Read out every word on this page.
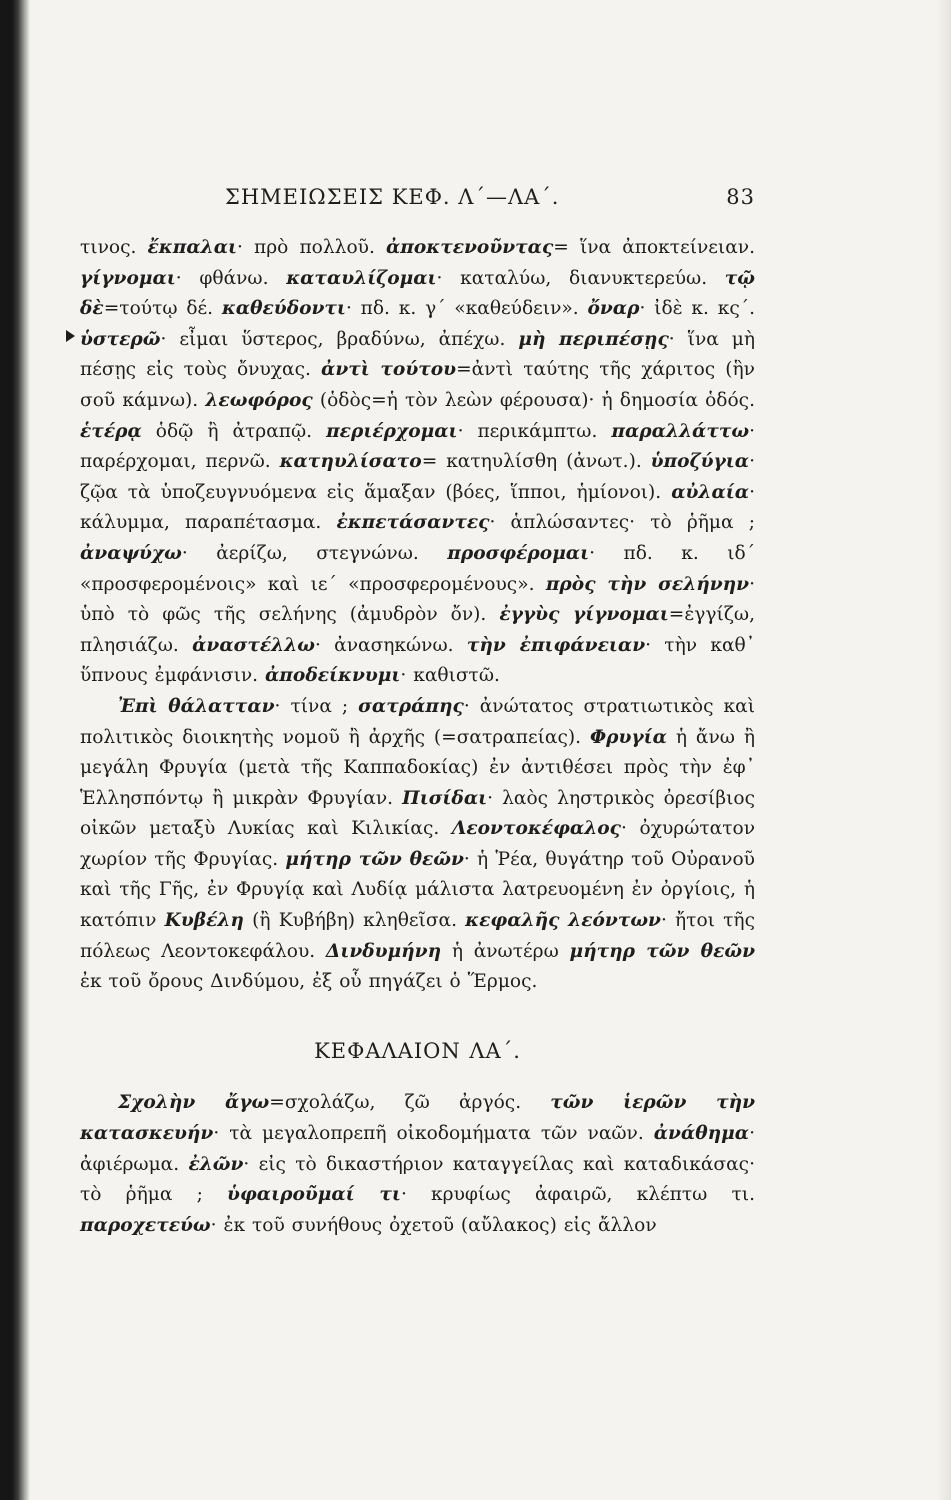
ΣΗΜΕΙΩΣΕΙΣ ΚΕΦ. Λ΄—ΛΑ΄.	83

τινος. ἔκπαλαι· πρὸ πολλοῦ. ἀποκτενοῦντας= ἵνα ἀποκτείνειαν. γίγνομαι· φθάνω. καταυλίζομαι· καταλύω, διανυκτερεύω. τῷ δὲ=τούτῳ δέ. καθεύδοντι· πδ. κ. γ΄ «καθεύδειν». ὄναρ· ἰδὲ κ. κς΄. ὑστερῶ· εἶμαι ὕστερος, βραδύνω, ἀπέχω. μὴ περιπέσῃς· ἵνα μὴ πέσῃς εἰς τοὺς ὄνυχας. ἀντὶ τούτου=ἀντὶ ταύτης τῆς χάριτος (ἣν σοῦ κάμνω). λεωφόρος (ὁδὸς=ἡ τὸν λεὼν φέρουσα)· ἡ δημοσία ὁδός. ἑτέρᾳ ὁδῷ ἢ ἀτραπῷ. περιέρχομαι· περικάμπτω. παραλλάττω· παρέρχομαι, περνῶ. κατηυλίσατο= κατηυλίσθη (ἀνωτ.). ὑποζύγια· ζῷα τὰ ὑποζευγνυόμενα εἰς ἅμαξαν (βόες, ἵπποι, ἡμίονοι). αὐλαία· κάλυμμα, παραπέτασμα. ἐκπετάσαντες· ἁπλώσαντες· τὸ ῥῆμα ; ἀναψύχω· ἀερίζω, στεγνώνω. προσφέρομαι· πδ. κ. ιδ΄ «προσφερομένοις» καὶ ιε΄ «προσφερομένους». πρὸς τὴν σελήνην· ὑπὸ τὸ φῶς τῆς σελήνης (ἀμυδρὸν ὄν). ἐγγὺς γίγνομαι=ἐγγίζω, πλησιάζω. ἀναστέλλω· ἀνασηκώνω. τὴν ἐπιφάνειαν· τὴν καθ᾽ ὕπνους ἐμφάνισιν. ἀποδείκνυμι· καθιστῶ.

Ἐπὶ θάλατταν· τίνα ; σατράπης· ἀνώτατος στρατιωτικὸς καὶ πολιτικὸς διοικητὴς νομοῦ ἢ ἀρχῆς (=σατραπείας). Φρυγία ἡ ἄνω ἢ μεγάλη Φρυγία (μετὰ τῆς Καππαδοκίας) ἐν ἀντιθέσει πρὸς τὴν ἐφ᾽ Ἑλλησπόντῳ ἢ μικρὰν Φρυγίαν. Πισίδαι· λαὸς ληστρικὸς ὀρεσίβιος οἰκῶν μεταξὺ Λυκίας καὶ Κιλικίας. Λεοντοκέφαλος· ὀχυρώτατον χωρίον τῆς Φρυγίας. μήτηρ τῶν θεῶν· ἡ Ῥέα, θυγάτηρ τοῦ Οὐρανοῦ καὶ τῆς Γῆς, ἐν Φρυγίᾳ καὶ Λυδίᾳ μάλιστα λατρευομένη ἐν ὀργίοις, ἡ κατόπιν Κυβέλη (ἢ Κυβήβη) κληθεῖσα. κεφαλῆς λεόντων· ἤτοι τῆς πόλεως Λεοντοκεφάλου. Δινδυμήνη ἡ ἀνωτέρω μήτηρ τῶν θεῶν ἐκ τοῦ ὄρους Δινδύμου, ἐξ οὗ πηγάζει ὁ Ἕρμος.

ΚΕΦΑΛΑΙΟΝ ΛΑ΄.

Σχολὴν ἄγω=σχολάζω, ζῶ ἀργός. τῶν ἱερῶν τὴν κατασκευήν· τὰ μεγαλοπρεπῆ οἰκοδομήματα τῶν ναῶν. ἀνάθημα· ἀφιέρωμα. ἐλῶν· εἰς τὸ δικαστήριον καταγγείλας καὶ καταδικάσας· τὸ ῥῆμα ; ὑφαιροῦμαί τι· κρυφίως ἀφαιρῶ, κλέπτω τι. παροχετεύω· ἐκ τοῦ συνήθους ὀχετοῦ (αὔλακος) εἰς ἄλλον
